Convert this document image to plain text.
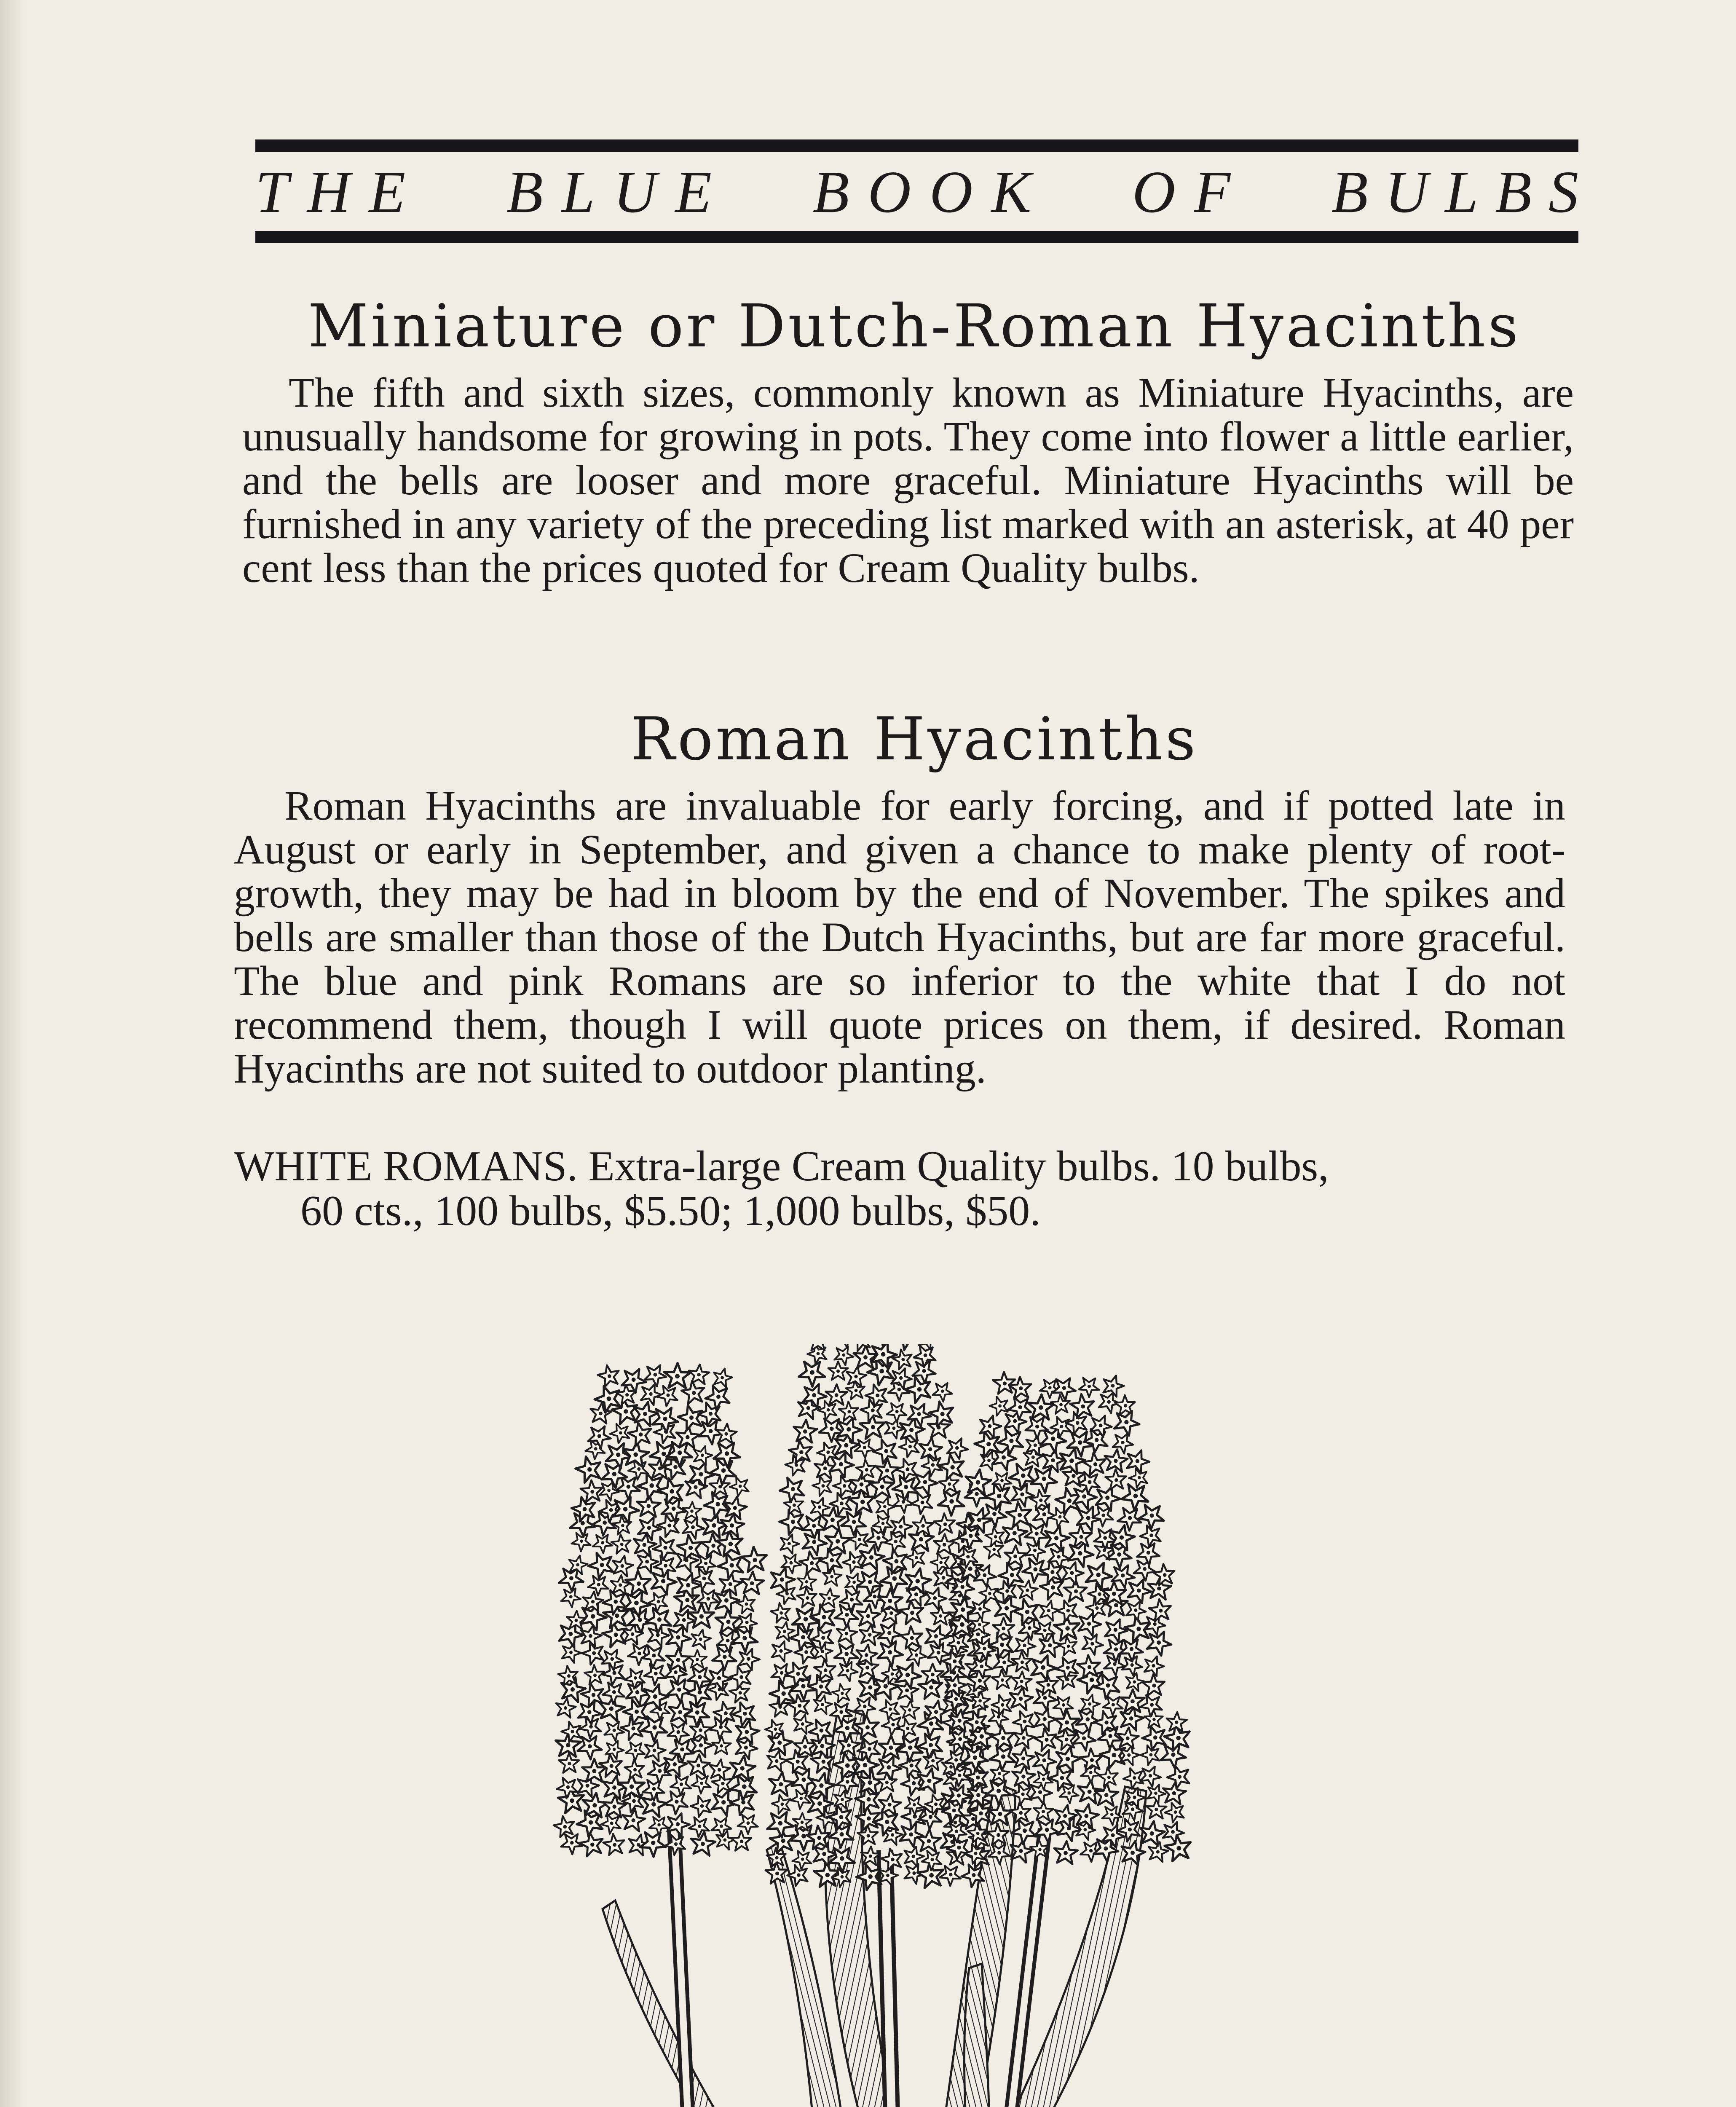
THE BLUE BOOK OF BULBS
Miniature or Dutch-Roman Hyacinths

The fifth and sixth sizes, commonly known as Miniature Hyacinths, are unusually handsome for growing in pots. They come into flower a little earlier, and the bells are looser and more graceful. Miniature Hyacinths will be furnished in any variety of the preceding list marked with an asterisk, at 40 per cent less than the prices quoted for Cream Quality bulbs.

Roman Hyacinths

Roman Hyacinths are invaluable for early forcing, and if potted late in August or early in September, and given a chance to make plenty of root-growth, they may be had in bloom by the end of November. The spikes and bells are smaller than those of the Dutch Hyacinths, but are far more graceful. The blue and pink Romans are so inferior to the white that I do not recommend them, though I will quote prices on them, if desired. Roman Hyacinths are not suited to outdoor planting.

WHITE ROMANS. Extra-large Cream Quality bulbs. 10 bulbs,
60 cts., 100 bulbs, $5.50; 1,000 bulbs, $50.
